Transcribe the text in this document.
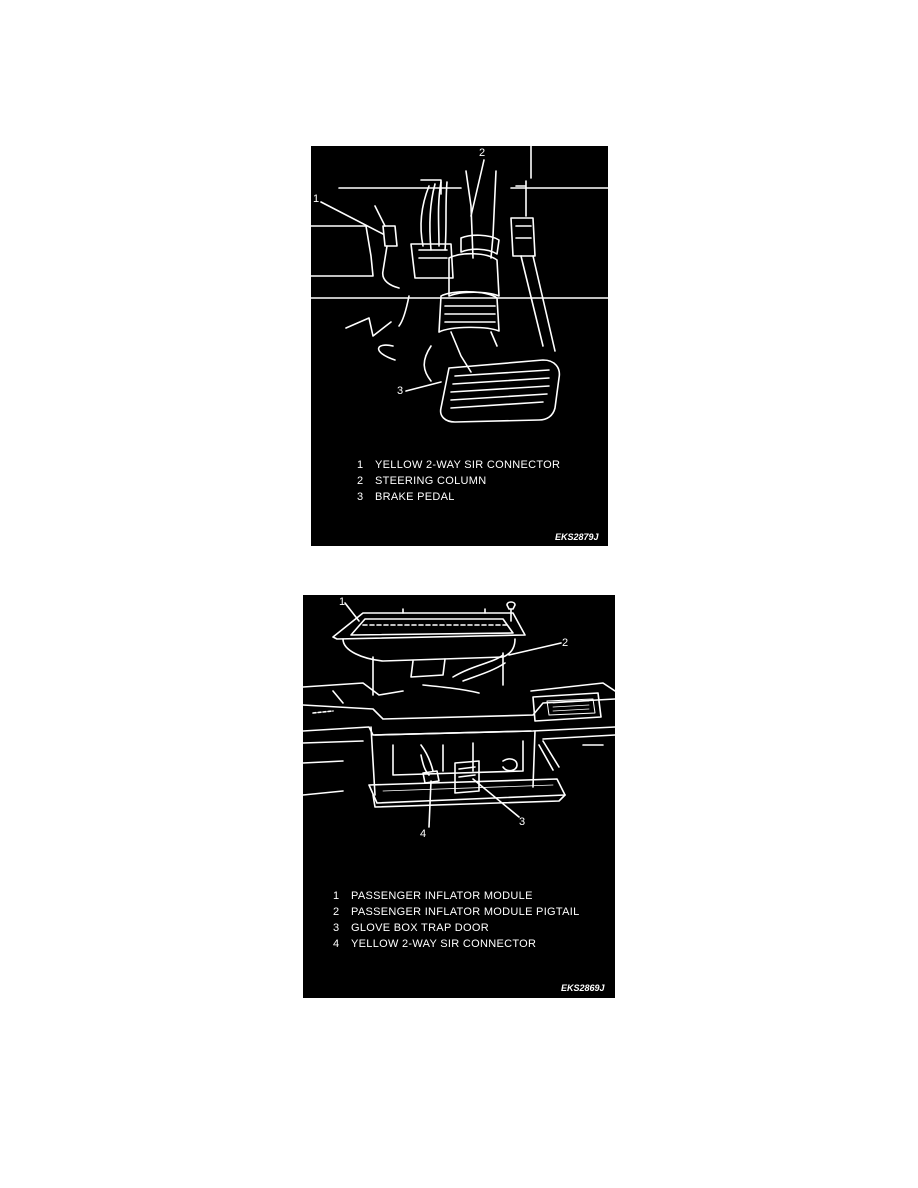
1
2
3
1 YELLOW 2-WAY SIR CONNECTOR
2 STEERING COLUMN
3 BRAKE PEDAL
EKS2879J
1
2
3
4
1 PASSENGER INFLATOR MODULE
2 PASSENGER INFLATOR MODULE PIGTAIL
3 GLOVE BOX TRAP DOOR
4 YELLOW 2-WAY SIR CONNECTOR
EKS2869J
